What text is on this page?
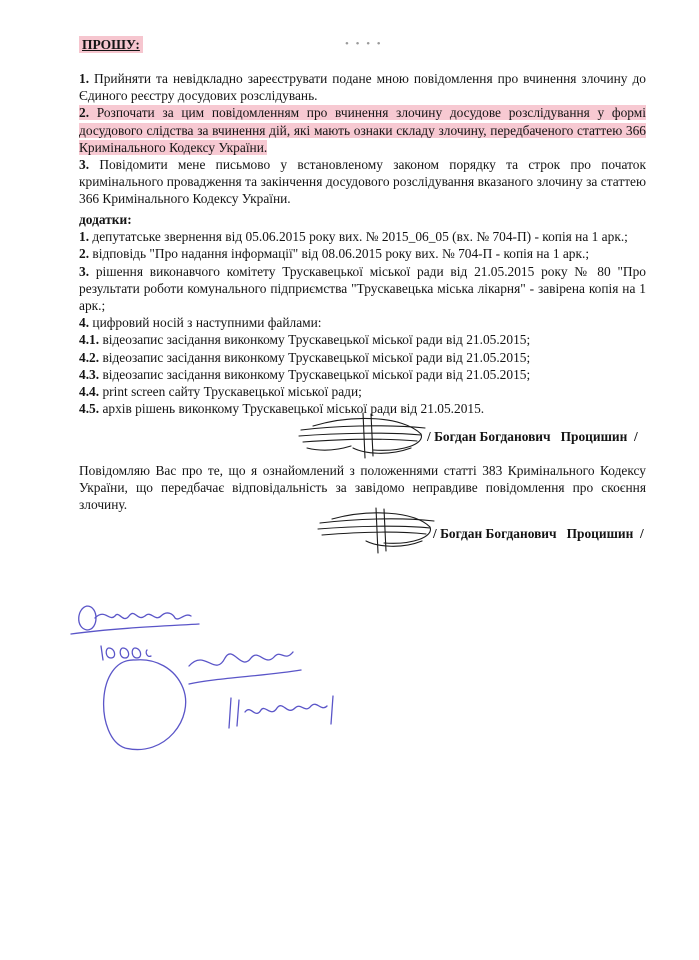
ПРОШУ:	• • • •

1. Прийняти та невідкладно зареєструвати подане мною повідомлення про вчинення злочину до Єдиного реєстру досудових розслідувань.

2. Розпочати за цим повідомленням про вчинення злочину досудове розслідування у формі досудового слідства за вчинення дій, які мають ознаки складу злочину, передбаченого статтею 366 Кримінального Кодексу України.

3. Повідомити мене письмово у встановленому законом порядку та строк про початок кримінального провадження та закінчення досудового розслідування вказаного злочину за статтею 366 Кримінального Кодексу України.

додатки:

1. депутатське звернення від 05.06.2015 року вих. № 2015_06_05 (вх. № 704-П) - копія на 1 арк.;

2. відповідь "Про надання інформації" від 08.06.2015 року вих. № 704-П - копія на 1 арк.;

3. рішення виконавчого комітету Трускавецької міської ради від 21.05.2015 року № 80 "Про результати роботи комунального підприємства "Трускавецька міська лікарня" - завірена копія на 1 арк.;

4. цифровий носій з наступними файлами:

4.1. відеозапис засідання виконкому Трускавецької міської ради від 21.05.2015;

4.2. відеозапис засідання виконкому Трускавецької міської ради від 21.05.2015;

4.3. відеозапис засідання виконкому Трускавецької міської ради від 21.05.2015;

4.4. print screen сайту Трускавецької міської ради;

4.5. архів рішень виконкому Трускавецької міської ради від 21.05.2015.

/ Богдан Богданович   Процишин  /

Повідомляю Вас про те, що я ознайомлений з положеннями статті 383 Кримінального Кодексу України, що передбачає відповідальність за завідомо неправдиве повідомлення про скоєння злочину.

/ Богдан Богданович   Процишин  /
